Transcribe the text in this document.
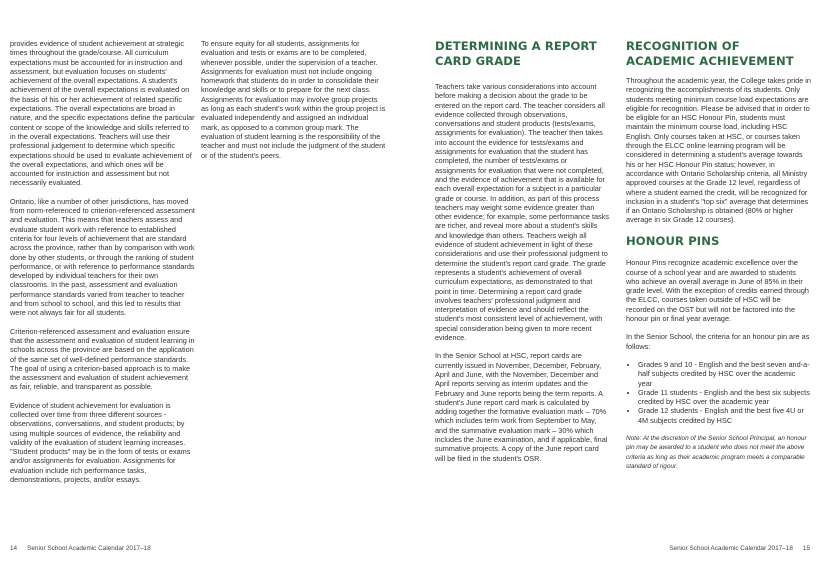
provides evidence of student achievement at strategic times throughout the grade/course. All curriculum expectations must be accounted for in instruction and assessment, but evaluation focuses on students' achievement of the overall expectations. A student's achievement of the overall expectations is evaluated on the basis of his or her achievement of related specific expectations. The overall expectations are broad in nature, and the specific expectations define the particular content or scope of the knowledge and skills referred to in the overall expectations. Teachers will use their professional judgement to determine which specific expectations should be used to evaluate achievement of the overall expectations, and which ones will be accounted for instruction and assessment but not necessarily evaluated.

Ontario, like a number of other jurisdictions, has moved from norm-referenced to criterion-referenced assessment and evaluation. This means that teachers assess and evaluate student work with reference to established criteria for four levels of achievement that are standard across the province, rather than by comparison with work done by other students, or through the ranking of student performance, or with reference to performance standards developed by individual teachers for their own classrooms. In the past, assessment and evaluation performance standards varied from teacher to teacher and from school to school, and this led to results that were not always fair for all students.

Criterion-referenced assessment and evaluation ensure that the assessment and evaluation of student learning in schools across the province are based on the application of the same set of well-defined performance standards. The goal of using a criterion-based approach is to make the assessment and evaluation of student achievement as fair, reliable, and transparent as possible.

Evidence of student achievement for evaluation is collected over time from three different sources - observations, conversations, and student products; by using multiple sources of evidence, the reliability and validity of the evaluation of student learning increases. "Student products" may be in the form of tests or exams and/or assignments for evaluation. Assignments for evaluation include rich performance tasks, demonstrations, projects, and/or essays.

To ensure equity for all students, assignments for evaluation and tests or exams are to be completed, whenever possible, under the supervision of a teacher. Assignments for evaluation must not include ongoing homework that students do in order to consolidate their knowledge and skills or to prepare for the next class. Assignments for evaluation may involve group projects as long as each student's work within the group project is evaluated independently and assigned an individual mark, as opposed to a common group mark. The evaluation of student learning is the responsibility of the teacher and must not include the judgment of the student or of the student's peers.

DETERMINING A REPORT CARD GRADE

Teachers take various considerations into account before making a decision about the grade to be entered on the report card. The teacher considers all evidence collected through observations, conversations and student products (tests/exams, assignments for evaluation). The teacher then takes into account the evidence for tests/exams and assignments for evaluation that the student has completed, the number of tests/exams or assignments for evaluation that were not completed, and the evidence of achievement that is available for each overall expectation for a subject in a particular grade or course. In addition, as part of this process teachers may weight some evidence greater than other evidence; for example, some performance tasks are richer, and reveal more about a student's skills and knowledge than others. Teachers weigh all evidence of student achievement in light of these considerations and use their professional judgment to determine the student's report card grade. The grade represents a student's achievement of overall curriculum expectations, as demonstrated to that point in time. Determining a report card grade involves teachers' professional judgment and interpretation of evidence and should reflect the student's most consistent level of achievement, with special consideration being given to more recent evidence.

In the Senior School at HSC, report cards are currently issued in November, December, February, April and June, with the November, December and April reports serving as interim updates and the February and June reports being the term reports. A student's June report card mark is calculated by adding together the formative evaluation mark – 70% which includes term work from September to May, and the summative evaluation mark – 30% which includes the June examination, and if applicable, final summative projects. A copy of the June report card will be filed in the student's OSR.

RECOGNITION OF ACADEMIC ACHIEVEMENT

Throughout the academic year, the College takes pride in recognizing the accomplishments of its students. Only students meeting minimum course load expectations are eligible for recognition. Please be advised that in order to be eligible for an HSC Honour Pin, students must maintain the minimum course load, including HSC English. Only courses taken at HSC, or courses taken through the ELCC online learning program will be considered in determining a student's average towards his or her HSC Honour Pin status; however, in accordance with Ontario Scholarship criteria, all Ministry approved courses at the Grade 12 level, regardless of where a student earned the credit, will be recognized for inclusion in a student's "top six" average that determines if an Ontario Scholarship is obtained (80% or higher average in six Grade 12 courses).

HONOUR PINS

Honour Pins recognize academic excellence over the course of a school year and are awarded to students who achieve an overall average in June of 85% in their grade level. With the exception of credits earned through the ELCC, courses taken outside of HSC will be recorded on the OST but will not be factored into the honour pin or final year average.

In the Senior School, the criteria for an honour pin are as follows:

• Grades 9 and 10 - English and the best seven and-a-half subjects credited by HSC over the academic year
• Grade 11 students - English and the best six subjects credited by HSC over the academic year
• Grade 12 students - English and the best five 4U or 4M subjects credited by HSC

Note: At the discretion of the Senior School Principal, an honour pin may be awarded to a student who does not meet the above criteria as long as their academic program meets a comparable standard of rigour.

14 Senior School Academic Calendar 2017–18	Senior School Academic Calendar 2017–18 15
